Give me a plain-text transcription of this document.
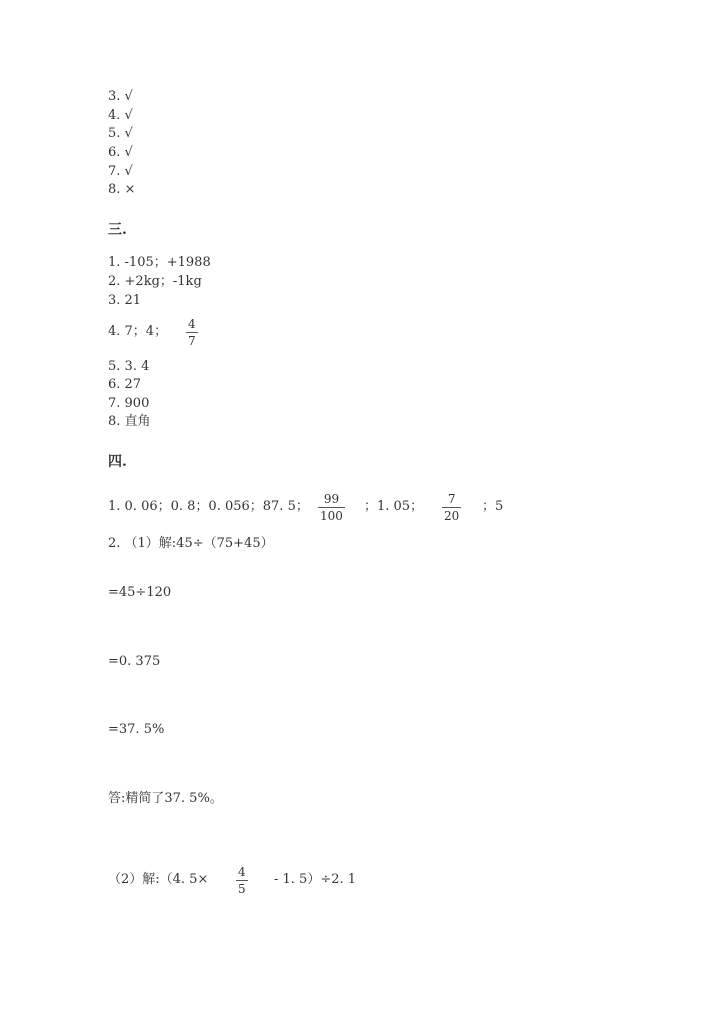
3. √
4. √
5. √
6. √
7. √
8. ×
三.
1. -105；+1988
2. +2kg；-1kg
3. 21
4. 7；4； 4
7
5. 3. 4
6. 27
7. 900
8. 直角
四.
1. 0. 06；0. 8；0. 056；87. 5； 99
100
；1. 05； 7
20
；5
2. （1）解:45÷（75+45）
=45÷120
=0. 375
=37. 5%
答:精简了37. 5%。
（2）解:（4. 5× 4
5
- 1. 5）÷2. 1
